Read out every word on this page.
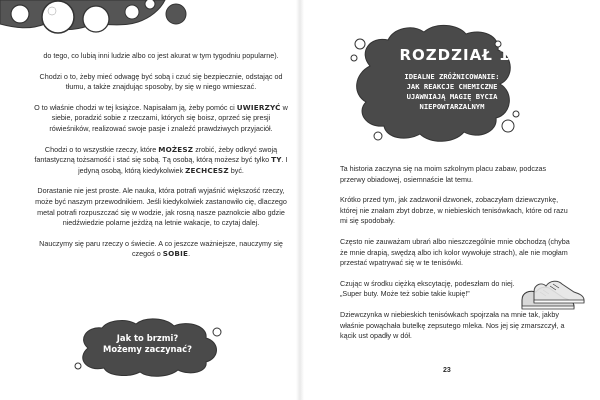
do tego, co lubią inni ludzie albo co jest akurat w tym tygodniu popularne).

Chodzi o to, żeby mieć odwagę być sobą i czuć się bezpiecznie, odstając od tłumu, a także znajdując sposoby, by się w niego wmieszać.

O to właśnie chodzi w tej książce. Napisałam ją, żeby pomóc ci UWIERZYĆ w siebie, poradzić sobie z rzeczami, których się boisz, oprzeć się presji rówieśników, realizować swoje pasje i znaleźć prawdziwych przyjaciół.

Chodzi o to wszystkie rzeczy, które MOŻESZ zrobić, żeby odkryć swoją fantastyczną tożsamość i stać się sobą. Tą osobą, którą możesz być tylko TY. I jedyną osobą, którą kiedykolwiek ZECHCESZ być.

Dorastanie nie jest proste. Ale nauka, która potrafi wyjaśnić większość rzeczy, może być naszym przewodnikiem. Jeśli kiedykolwiek zastanowiło cię, dlaczego metal potrafi rozpuszczać się w wodzie, jak rosną nasze paznokcie albo gdzie niedźwiedzie polarne jeżdżą na letnie wakacje, to czytaj dalej.

Nauczymy się paru rzeczy o świecie. A co jeszcze ważniejsze, nauczymy się czegoś o SOBIE.

Jak to brzmi?
Możemy zaczynać?
ROZDZIAŁ 1
IDEALNE ZRÓŻNICOWANIE:
JAK REAKCJE CHEMICZNE
UJAWNIAJĄ MAGIĘ BYCIA
NIEPOWTARZALNYM

Ta historia zaczyna się na moim szkolnym placu zabaw, podczas przerwy obiadowej, osiemnaście lat temu.

Krótko przed tym, jak zadzwonił dzwonek, zobaczyłam dziewczynkę, której nie znałam zbyt dobrze, w niebieskich tenisówkach, które od razu mi się spodobały.

Często nie zauważam ubrań albo nieszczególnie mnie obchodzą (chyba że mnie drapią, swędzą albo ich kolor wywołuje strach), ale nie mogłam przestać wpatrywać się w te tenisówki.

Czując w środku ciężką ekscytację, podeszłam do niej. „Super buty. Może też sobie takie kupię!”

Dziewczynka w niebieskich tenisówkach spojrzała na mnie tak, jakby właśnie powąchała butelkę zepsutego mleka. Nos jej się zmarszczył, a kącik ust opadły w dół.

23
